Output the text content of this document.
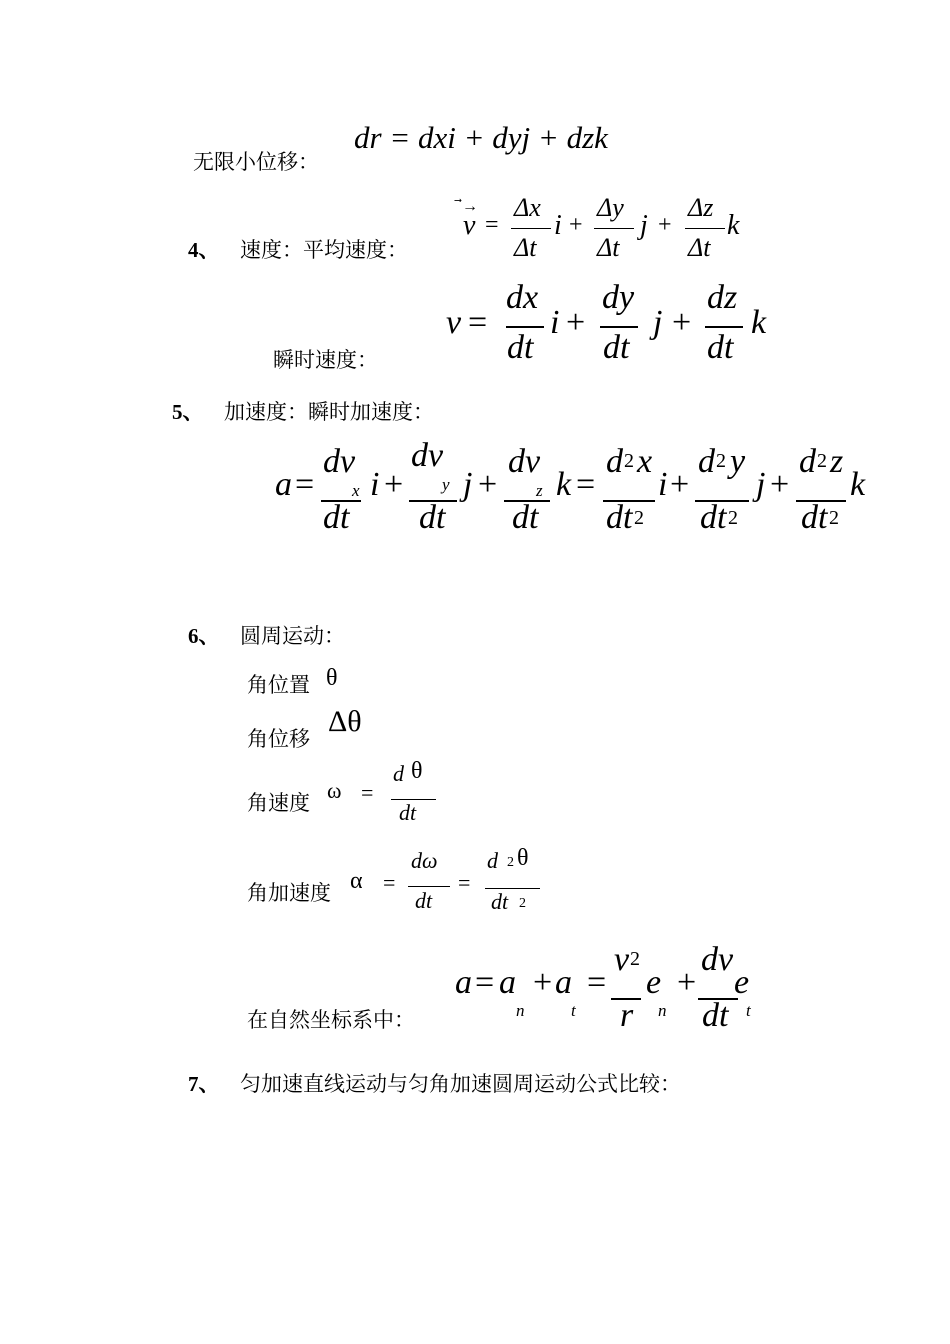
无限小位移：
dr = dxi + dyj + dzk
4、 速度：平均速度：
v
⃗→
=
Δx
Δt
i +
Δy
Δt
j +
Δz
Δt
k
瞬时速度：
v =
dx
dt
i +
dy
dt
j +
dz
dt
k
5、 加速度：瞬时加速度：
a =
dv
dt
x i +
dv
dt
y j +
dv
dt
z k =
d 2 x
dt 2
i +
d 2 y
dt 2
j +
d 2 z
dt 2
k
6、 圆周运动：
角位置 θ
角位移
Δθ
角速度 ω =
d θ
dt
角加速度 α =
dω
dt
=
d 2 θ
dt 2
在自然坐标系中：
a = a
n
+ a
t
=
v 2
r
e
n
+
dv
dt
e
t
7、 匀加速直线运动与匀角加速圆周运动公式比较：
